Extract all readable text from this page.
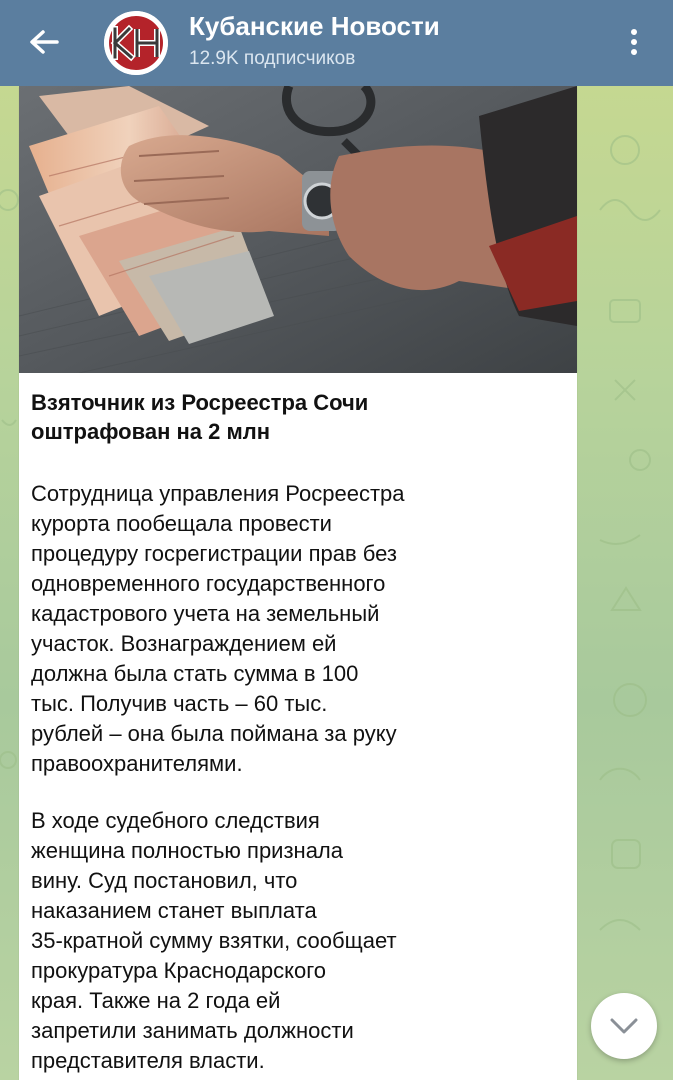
Кубанские Новости
12.9K подписчиков

Взяточник из Росреестра Сочи
оштрафован на 2 млн

Сотрудница управления Росреестра
курорта пообещала провести
процедуру госрегистрации прав без
одновременного государственного
кадастрового учета на земельный
участок. Вознаграждением ей
должна была стать сумма в 100
тыс. Получив часть – 60 тыс.
рублей – она была поймана за руку
правоохранителями.

В ходе судебного следствия
женщина полностью признала
вину. Суд постановил, что
наказанием станет выплата
35-кратной сумму взятки, сообщает
прокуратура Краснодарского
края. Также на 2 года ей
запретили занимать должности
представителя власти.
